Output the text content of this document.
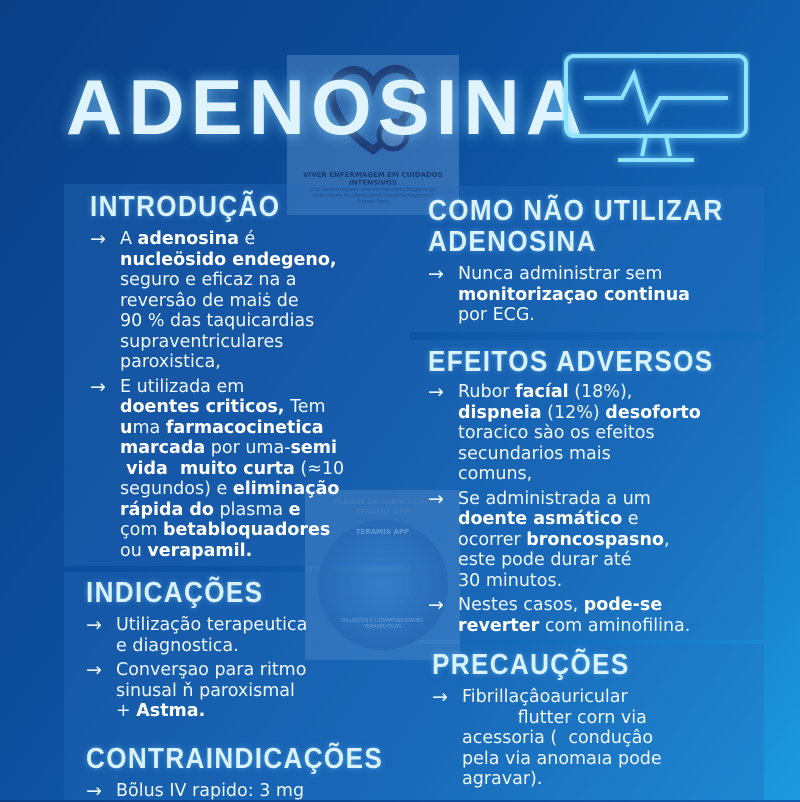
ADENOSINA
VIVER ENFERMAGEM EM CUIDADOS INTENSIVOS
http://enfermagemcuidadosintensivos.blogspot.pt/
https://www.facebook.com/viverenfermagemsci/
Sidonio Faria
PLANOS DE SUBSCRIÇÃO
TERAMIX APP
TERAMIX APP
DILUIÇÕES E COMPATIBILIDADES TERAPÊUTICAS
INTRODUÇÃO
→ A adenosina é
nucleösido endegeno,
seguro e eficaz na a
reversâo de maiṡ de
90 % das taquicardias
supraventriculares
paroxistica,
→ E utilizada em
doentes criticos, Tem
uma farmacocinetica
marcada por uma-semi
vida  muito curta (≈10
segundos) e eliminação
rápida do plasma e
çom betabloquadores
ou verapamil.
INDICAÇÕES
→ Utilização terapeutica
e diagnostica.
→ Converşao para ritmo
sinusal ň paroxismal
+ Astma.
CONTRAINDICAÇÕES
→ Bõlus IV rapido: 3 mg
COMO NÃO UTILIZAR
ADENOSINA
→ Nunca administrar sem
monitorizaçao continua
por ECG.
EFEITOS ADVERSOS
→ Rubor facíal (18%),
dispneia (12%) desoforto
toracico sào os efeitos
secundarios mais
comuns,
→ Se administrada a um
doente asmático e
ocorrer broncospasno,
este pode durar até
30 minutos.
→ Nestes casos, pode-se
reverter com aminofilina.
PRECAUÇÕES
→ Fibrillaçâoauricular
flutter corn via
acessoria (  conduçâo
pela via anomaıa pode
agravar).
